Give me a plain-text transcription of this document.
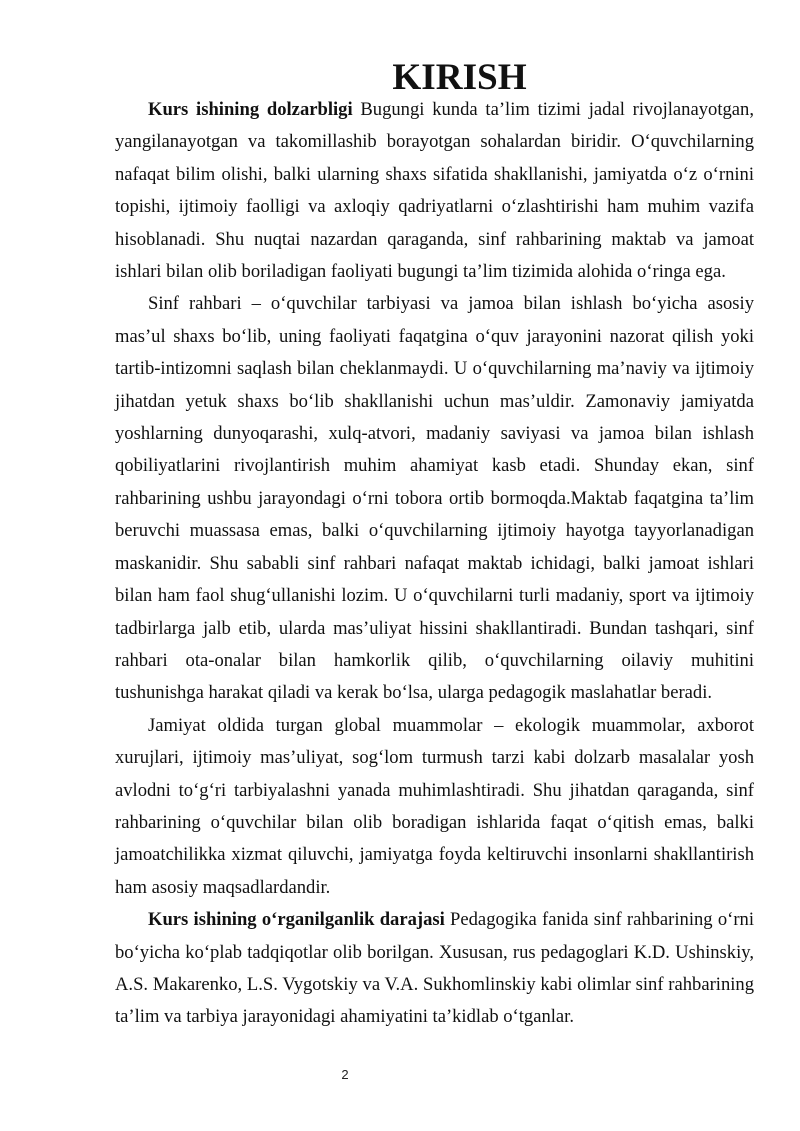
KIRISH

Kurs ishining dolzarbligi Bugungi kunda ta’lim tizimi jadal rivojlanayotgan, yangilanayotgan va takomillashib borayotgan sohalardan biridir. O‘quvchilarning nafaqat bilim olishi, balki ularning shaxs sifatida shakllanishi, jamiyatda o‘z o‘rnini topishi, ijtimoiy faolligi va axloqiy qadriyatlarni o‘zlashtirishi ham muhim vazifa hisoblanadi. Shu nuqtai nazardan qaraganda, sinf rahbarining maktab va jamoat ishlari bilan olib boriladigan faoliyati bugungi ta’lim tizimida alohida o‘ringa ega.

Sinf rahbari – o‘quvchilar tarbiyasi va jamoa bilan ishlash bo‘yicha asosiy mas’ul shaxs bo‘lib, uning faoliyati faqatgina o‘quv jarayonini nazorat qilish yoki tartib-intizomni saqlash bilan cheklanmaydi. U o‘quvchilarning ma’naviy va ijtimoiy jihatdan yetuk shaxs bo‘lib shakllanishi uchun mas’uldir. Zamonaviy jamiyatda yoshlarning dunyoqarashi, xulq-atvori, madaniy saviyasi va jamoa bilan ishlash qobiliyatlarini rivojlantirish muhim ahamiyat kasb etadi. Shunday ekan, sinf rahbarining ushbu jarayondagi o‘rni tobora ortib bormoqda.Maktab faqatgina ta’lim beruvchi muassasa emas, balki o‘quvchilarning ijtimoiy hayotga tayyorlanadigan maskanidir. Shu sababli sinf rahbari nafaqat maktab ichidagi, balki jamoat ishlari bilan ham faol shug‘ullanishi lozim. U o‘quvchilarni turli madaniy, sport va ijtimoiy tadbirlarga jalb etib, ularda mas’uliyat hissini shakllantiradi. Bundan tashqari, sinf rahbari ota-onalar bilan hamkorlik qilib, o‘quvchilarning oilaviy muhitini tushunishga harakat qiladi va kerak bo‘lsa, ularga pedagogik maslahatlar beradi.

Jamiyat oldida turgan global muammolar – ekologik muammolar, axborot xurujlari, ijtimoiy mas’uliyat, sog‘lom turmush tarzi kabi dolzarb masalalar yosh avlodni to‘g‘ri tarbiyalashni yanada muhimlashtiradi. Shu jihatdan qaraganda, sinf rahbarining o‘quvchilar bilan olib boradigan ishlarida faqat o‘qitish emas, balki jamoatchilikka xizmat qiluvchi, jamiyatga foyda keltiruvchi insonlarni shakllantirish ham asosiy maqsadlardandir.

Kurs ishining o‘rganilganlik darajasi Pedagogika fanida sinf rahbarining o‘rni bo‘yicha ko‘plab tadqiqotlar olib borilgan. Xususan, rus pedagoglari K.D. Ushinskiy, A.S. Makarenko, L.S. Vygotskiy va V.A. Sukhomlinskiy kabi olimlar sinf rahbarining ta’lim va tarbiya jarayonidagi ahamiyatini ta’kidlab o‘tganlar.

2
